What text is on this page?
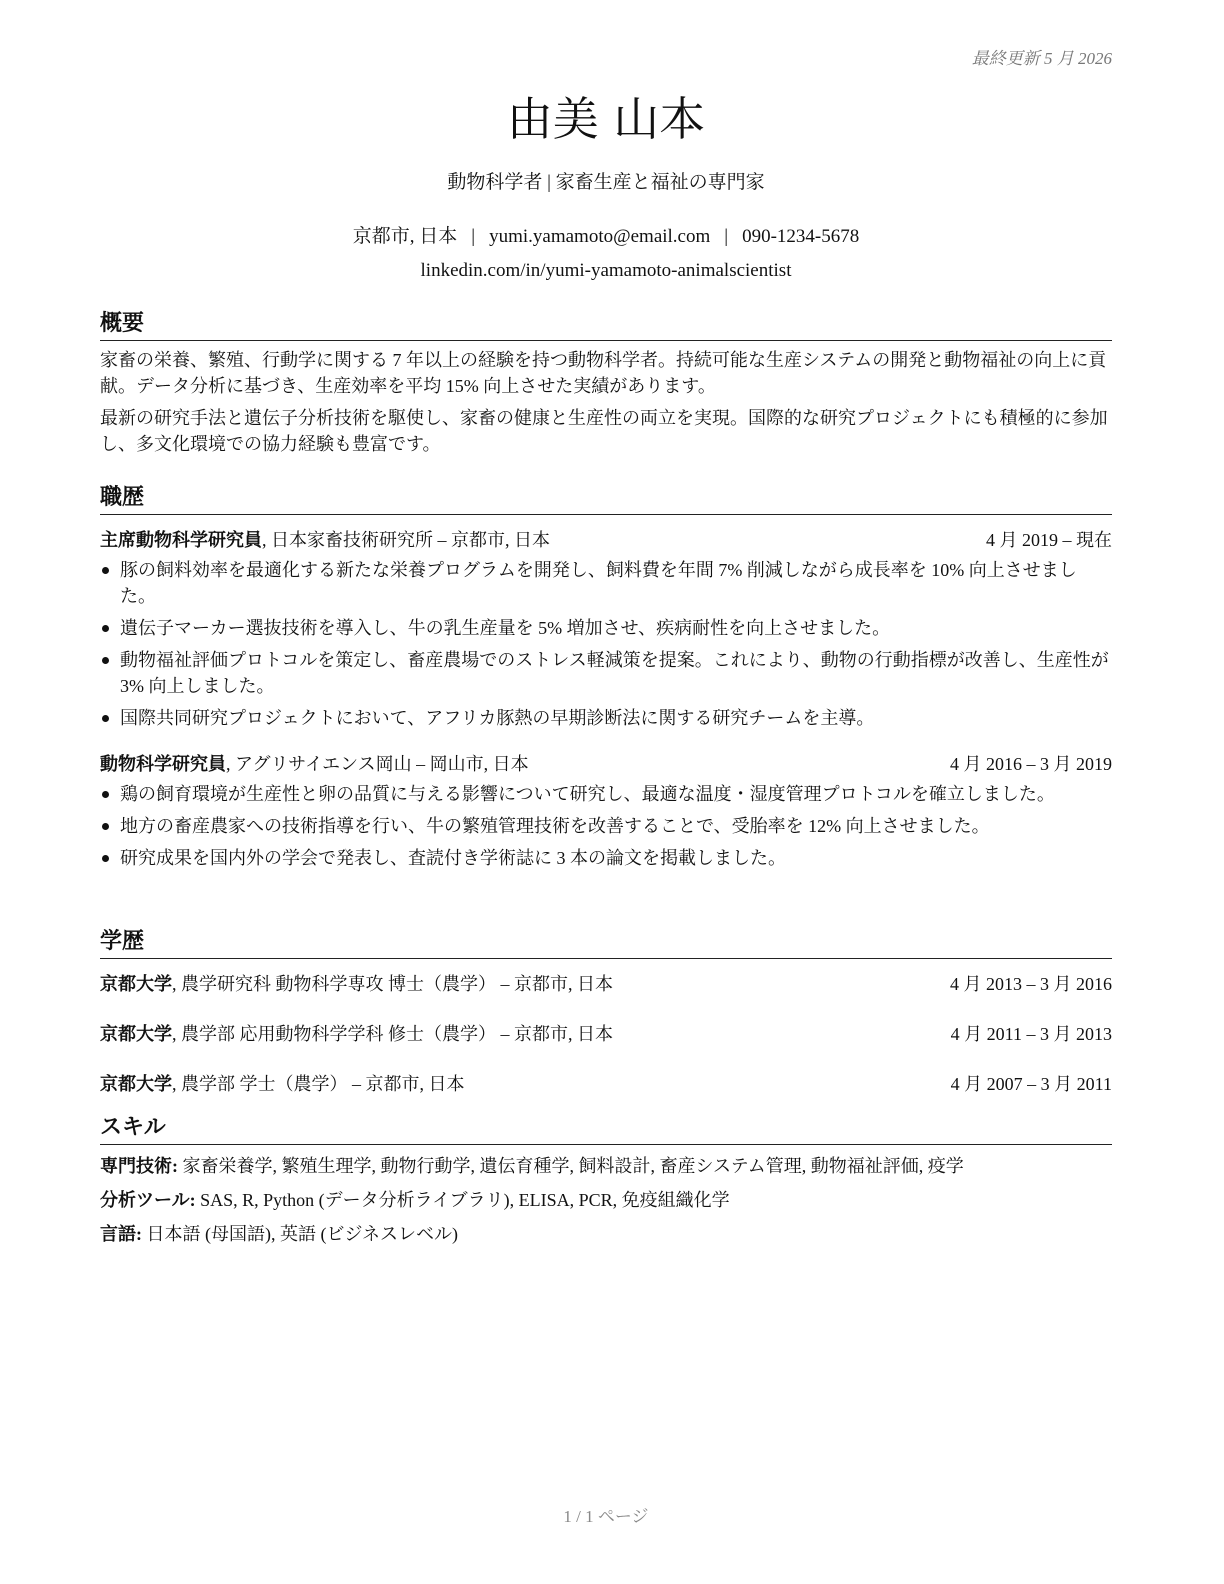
最終更新 5 月 2026
由美 山本
動物科学者 | 家畜生産と福祉の専門家
京都市, 日本 | yumi.yamamoto@email.com | 090-1234-5678
linkedin.com/in/yumi-yamamoto-animalscientist
概要

家畜の栄養、繁殖、行動学に関する 7 年以上の経験を持つ動物科学者。持続可能な生産システムの開発と動物福祉の向上に貢献。データ分析に基づき、生産効率を平均 15% 向上させた実績があります。

最新の研究手法と遺伝子分析技術を駆使し、家畜の健康と生産性の両立を実現。国際的な研究プロジェクトにも積極的に参加し、多文化環境での協力経験も豊富です。

職歴
主席動物科学研究員, 日本家畜技術研究所 – 京都市, 日本	4 月 2019 – 現在
豚の飼料効率を最適化する新たな栄養プログラムを開発し、飼料費を年間 7% 削減しながら成長率を 10% 向上させました。
遺伝子マーカー選抜技術を導入し、牛の乳生産量を 5% 増加させ、疾病耐性を向上させました。
動物福祉評価プロトコルを策定し、畜産農場でのストレス軽減策を提案。これにより、動物の行動指標が改善し、生産性が 3% 向上しました。
国際共同研究プロジェクトにおいて、アフリカ豚熱の早期診断法に関する研究チームを主導。
動物科学研究員, アグリサイエンス岡山 – 岡山市, 日本	4 月 2016 – 3 月 2019
鶏の飼育環境が生産性と卵の品質に与える影響について研究し、最適な温度・湿度管理プロトコルを確立しました。
地方の畜産農家への技術指導を行い、牛の繁殖管理技術を改善することで、受胎率を 12% 向上させました。
研究成果を国内外の学会で発表し、査読付き学術誌に 3 本の論文を掲載しました。
学歴
京都大学, 農学研究科 動物科学専攻 博士（農学） – 京都市, 日本	4 月 2013 – 3 月 2016
京都大学, 農学部 応用動物科学学科 修士（農学） – 京都市, 日本	4 月 2011 – 3 月 2013
京都大学, 農学部 学士（農学） – 京都市, 日本	4 月 2007 – 3 月 2011
スキル
専門技術: 家畜栄養学, 繁殖生理学, 動物行動学, 遺伝育種学, 飼料設計, 畜産システム管理, 動物福祉評価, 疫学
分析ツール: SAS, R, Python (データ分析ライブラリ), ELISA, PCR, 免疫組織化学
言語: 日本語 (母国語), 英語 (ビジネスレベル)
1 / 1 ページ
